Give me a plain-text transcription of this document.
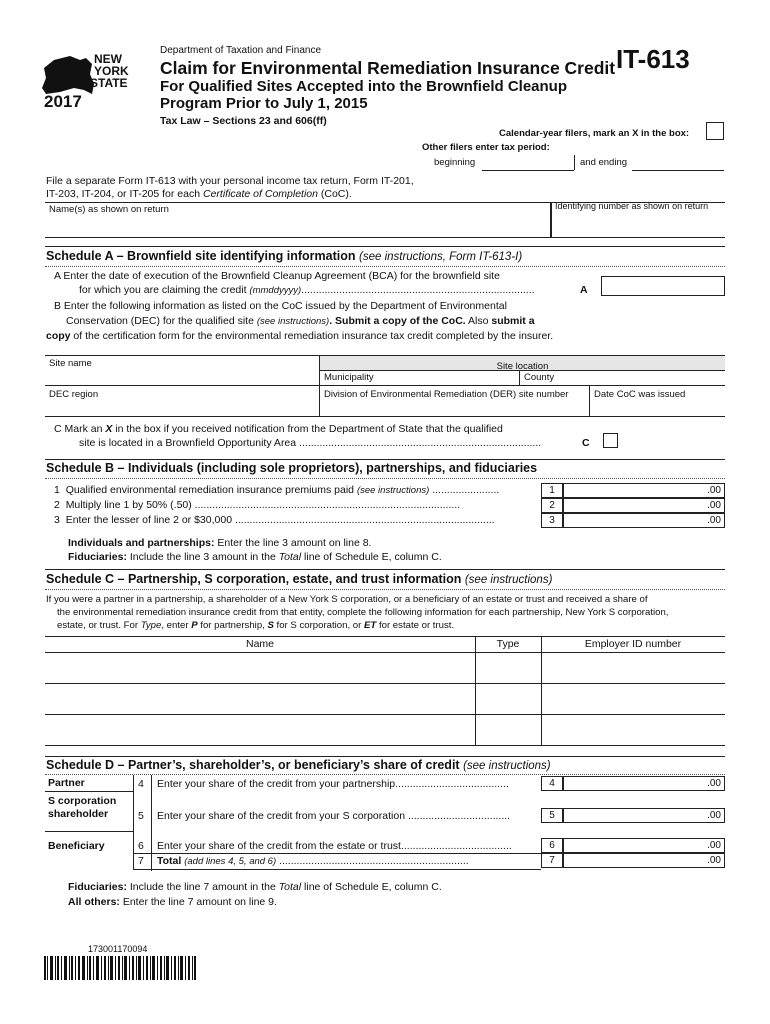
NEW
YORK
STATE
2017
Department of Taxation and Finance
Claim for Environmental Remediation Insurance Credit
For Qualified Sites Accepted into the Brownfield Cleanup
Program Prior to July 1, 2015
Tax Law – Sections 23 and 606(ff)
IT-613
Calendar-year filers, mark an X in the box:
Other filers enter tax period:
beginning	and ending
File a separate Form IT-613 with your personal income tax return, Form IT-201,
IT-203, IT-204, or IT-205 for each Certificate of Completion (CoC).
Name(s) as shown on return	Identifying number as shown on return
Schedule A – Brownfield site identifying information (see instructions, Form IT-613-I)
A Enter the date of execution of the Brownfield Cleanup Agreement (BCA) for the brownfield site
for which you are claiming the credit (mmddyyyy)................................................................................	A
B Enter the following information as listed on the CoC issued by the Department of Environmental
Conservation (DEC) for the qualified site (see instructions). Submit a copy of the CoC. Also submit a
copy of the certification form for the environmental remediation insurance tax credit completed by the insurer.
Site name	Site location
Municipality	County
DEC region	Division of Environmental Remediation (DER) site number	Date CoC was issued
C Mark an X in the box if you received notification from the Department of State that the qualified
site is located in a Brownfield Opportunity Area ...................................................................................	C
Schedule B – Individuals (including sole proprietors), partnerships, and fiduciaries
1 Qualified environmental remediation insurance premiums paid (see instructions) .......................	1	.00
2 Multiply line 1 by 50% (.50) ...........................................................................................	2	.00
3 Enter the lesser of line 2 or $30,000 .........................................................................................	3	.00
Individuals and partnerships: Enter the line 3 amount on line 8.
Fiduciaries: Include the line 3 amount in the Total line of Schedule E, column C.
Schedule C – Partnership, S corporation, estate, and trust information (see instructions)
If you were a partner in a partnership, a shareholder of a New York S corporation, or a beneficiary of an estate or trust and received a share of
the environmental remediation insurance credit from that entity, complete the following information for each partnership, New York S corporation,
estate, or trust. For Type, enter P for partnership, S for S corporation, or ET for estate or trust.
Name	Type	Employer ID number
Schedule D – Partner’s, shareholder’s, or beneficiary’s share of credit (see instructions)
Partner
S corporation
shareholder
Beneficiary
4 Enter your share of the credit from your partnership.......................................	4	.00
5 Enter your share of the credit from your S corporation ...................................	5	.00
6 Enter your share of the credit from the estate or trust......................................	6	.00
7 Total (add lines 4, 5, and 6) .................................................................	7	.00
Fiduciaries: Include the line 7 amount in the Total line of Schedule E, column C.
All others: Enter the line 7 amount on line 9.
173001170094
